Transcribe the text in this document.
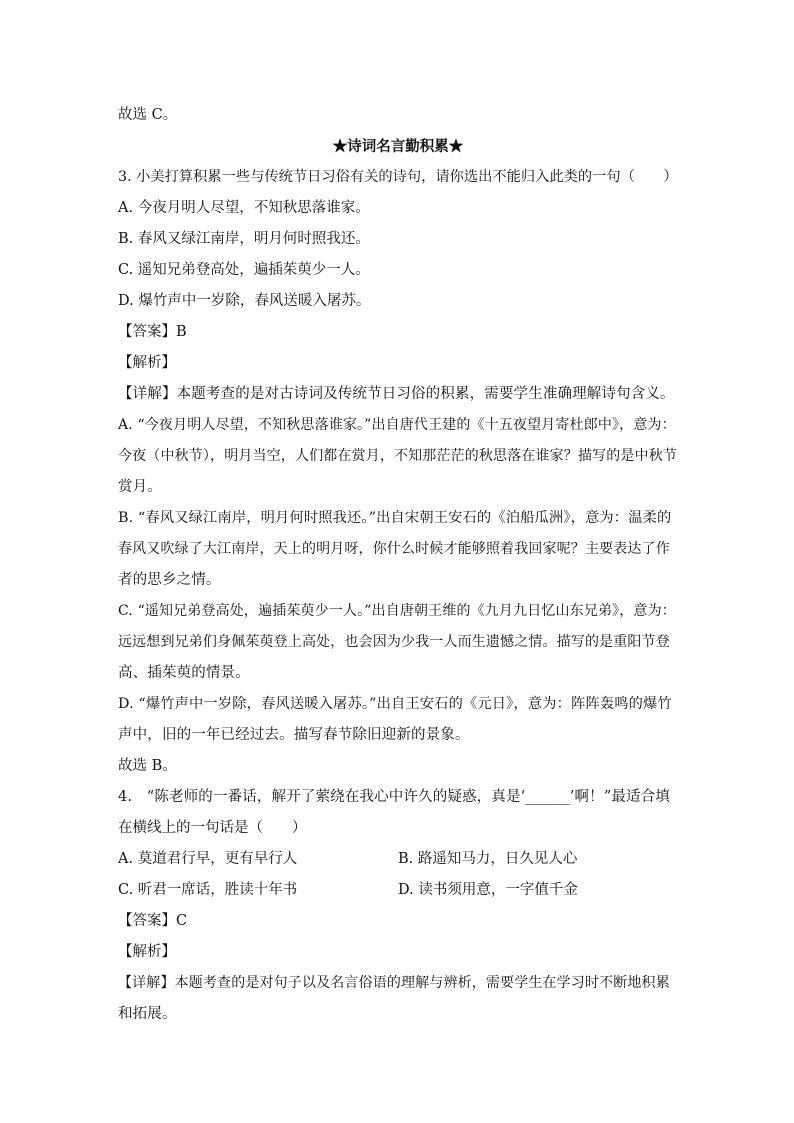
故选 C。
★诗词名言勤积累★
3. 小美打算积累一些与传统节日习俗有关的诗句，请你选出不能归入此类的一句（　　）
A. 今夜月明人尽望，不知秋思落谁家。
B. 春风又绿江南岸，明月何时照我还。
C. 遥知兄弟登高处，遍插茱萸少一人。
D. 爆竹声中一岁除，春风送暖入屠苏。
【答案】B
【解析】
【详解】本题考查的是对古诗词及传统节日习俗的积累，需要学生准确理解诗句含义。
A. “今夜月明人尽望，不知秋思落谁家。”出自唐代王建的《十五夜望月寄杜郎中》，意为：
今夜（中秋节），明月当空，人们都在赏月，不知那茫茫的秋思落在谁家？描写的是中秋节
赏月。
B. “春风又绿江南岸，明月何时照我还。”出自宋朝王安石的《泊船瓜洲》，意为：温柔的
春风又吹绿了大江南岸，天上的明月呀，你什么时候才能够照着我回家呢？主要表达了作
者的思乡之情。
C. “遥知兄弟登高处，遍插茱萸少一人。”出自唐朝王维的《九月九日忆山东兄弟》，意为：
远远想到兄弟们身佩茱萸登上高处，也会因为少我一人而生遗憾之情。描写的是重阳节登
高、插茱萸的情景。
D. “爆竹声中一岁除，春风送暖入屠苏。”出自王安石的《元日》，意为：阵阵轰鸣的爆竹
声中，旧的一年已经过去。描写春节除旧迎新的景象。
故选 B。
4.　“陈老师的一番话，解开了萦绕在我心中许久的疑惑，真是‘______’啊！”最适合填
在横线上的一句话是（　　）
A. 莫道君行早，更有早行人	B. 路遥知马力，日久见人心
C. 听君一席话，胜读十年书	D. 读书须用意，一字值千金
【答案】C
【解析】
【详解】本题考查的是对句子以及名言俗语的理解与辨析，需要学生在学习时不断地积累
和拓展。
